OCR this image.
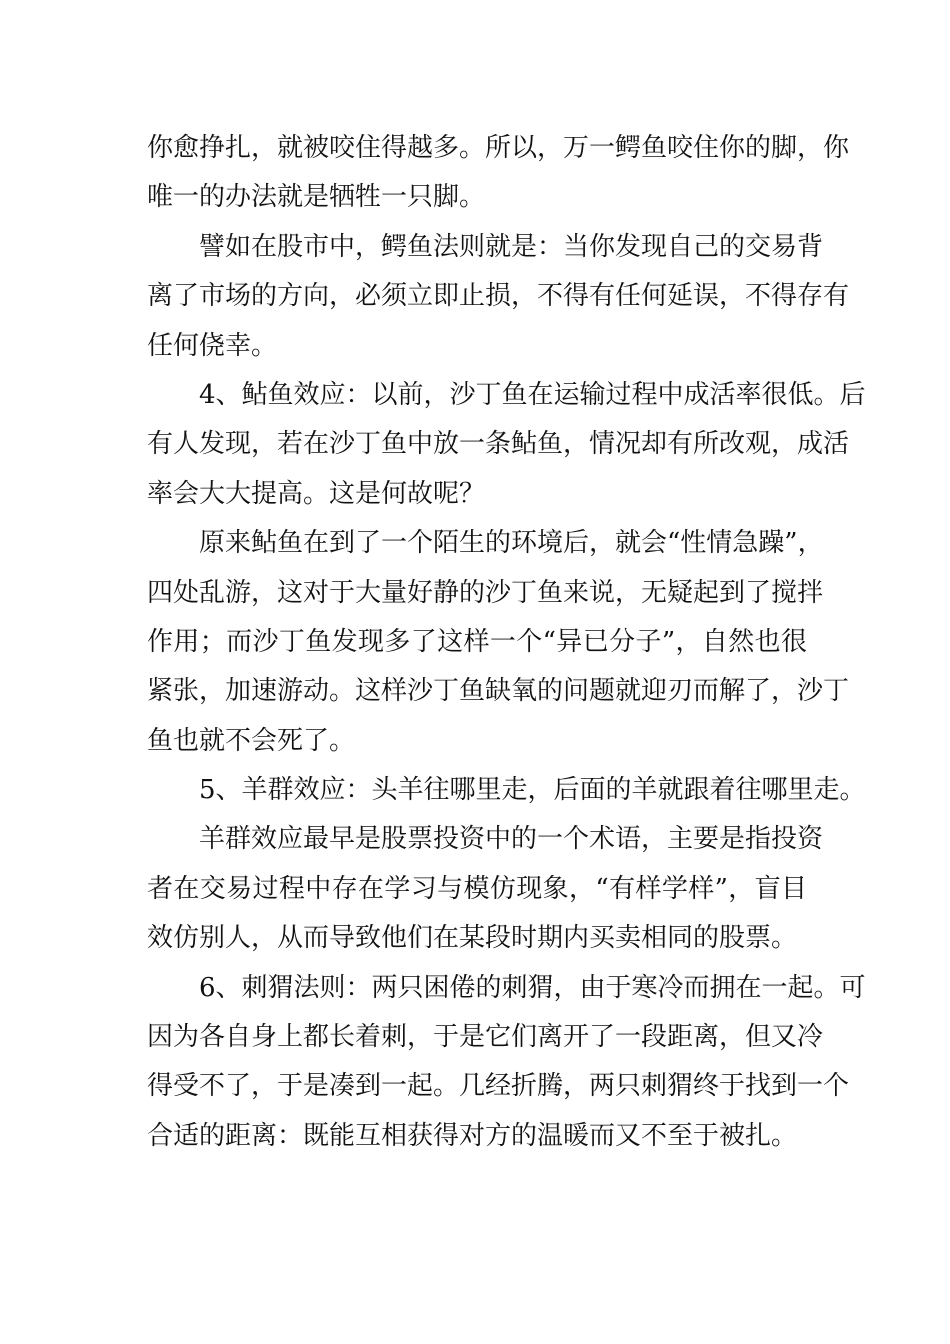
你愈挣扎，就被咬住得越多。所以，万一鳄鱼咬住你的脚，你
唯一的办法就是牺牲一只脚。
譬如在股市中，鳄鱼法则就是：当你发现自己的交易背
离了市场的方向，必须立即止损，不得有任何延误，不得存有
任何侥幸。
4、鲇鱼效应：以前，沙丁鱼在运输过程中成活率很低。后
有人发现，若在沙丁鱼中放一条鲇鱼，情况却有所改观，成活
率会大大提高。这是何故呢？
原来鲇鱼在到了一个陌生的环境后，就会“性情急躁”，
四处乱游，这对于大量好静的沙丁鱼来说，无疑起到了搅拌
作用；而沙丁鱼发现多了这样一个“异已分子”，自然也很
紧张，加速游动。这样沙丁鱼缺氧的问题就迎刃而解了，沙丁
鱼也就不会死了。
5、羊群效应：头羊往哪里走，后面的羊就跟着往哪里走。
羊群效应最早是股票投资中的一个术语，主要是指投资
者在交易过程中存在学习与模仿现象，“有样学样”，盲目
效仿别人，从而导致他们在某段时期内买卖相同的股票。
6、刺猬法则：两只困倦的刺猬，由于寒冷而拥在一起。可
因为各自身上都长着刺，于是它们离开了一段距离，但又冷
得受不了，于是凑到一起。几经折腾，两只刺猬终于找到一个
合适的距离：既能互相获得对方的温暖而又不至于被扎。
